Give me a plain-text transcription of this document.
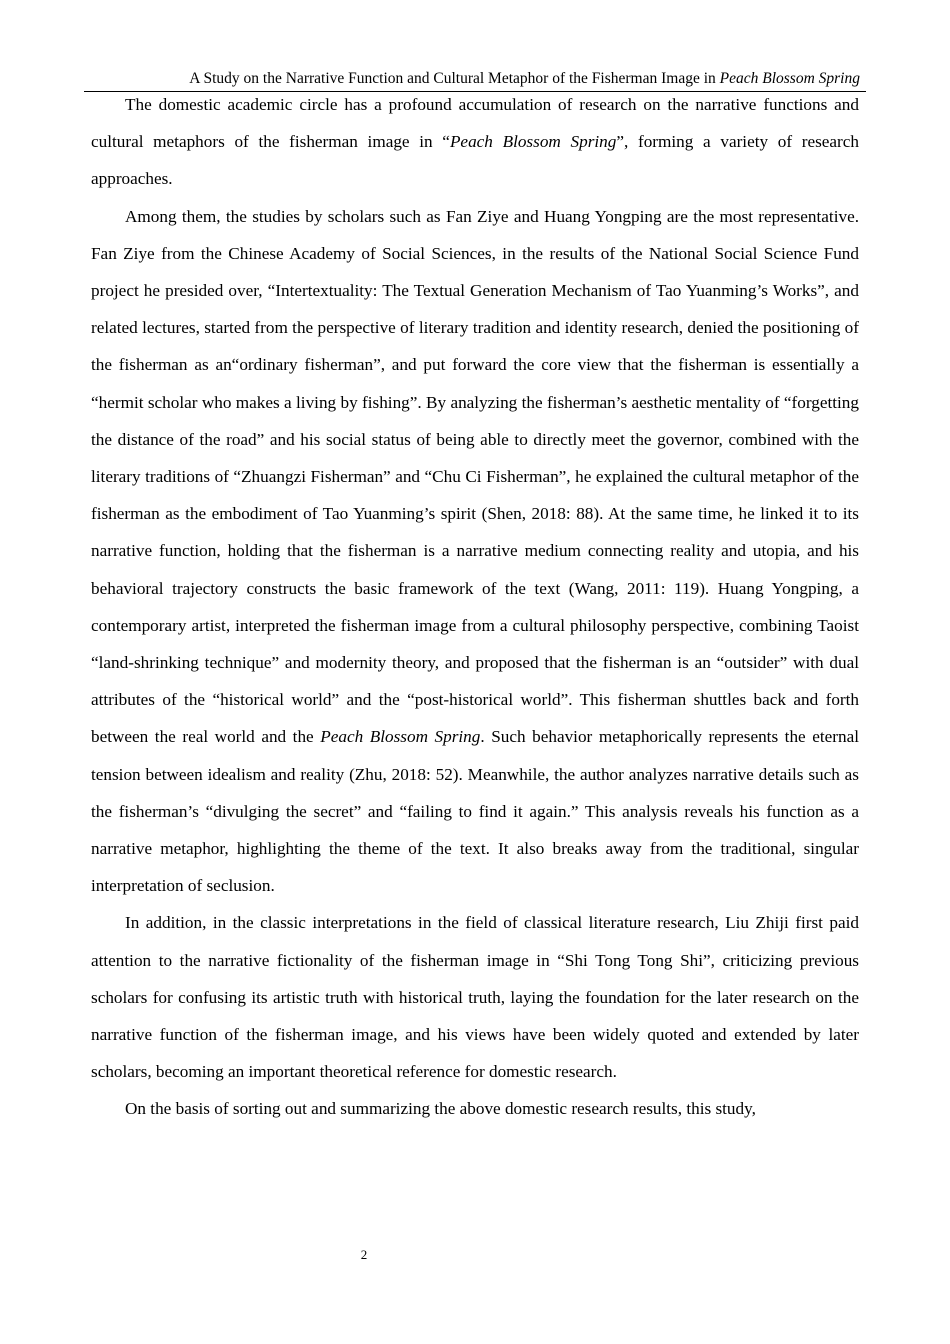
A Study on the Narrative Function and Cultural Metaphor of the Fisherman Image in Peach Blossom Spring

The domestic academic circle has a profound accumulation of research on the narrative functions and cultural metaphors of the fisherman image in “Peach Blossom Spring”, forming a variety of research approaches.

Among them, the studies by scholars such as Fan Ziye and Huang Yongping are the most representative. Fan Ziye from the Chinese Academy of Social Sciences, in the results of the National Social Science Fund project he presided over, “Intertextuality: The Textual Generation Mechanism of Tao Yuanming’s Works”, and related lectures, started from the perspective of literary tradition and identity research, denied the positioning of the fisherman as an“ordinary fisherman”, and put forward the core view that the fisherman is essentially a “hermit scholar who makes a living by fishing”. By analyzing the fisherman’s aesthetic mentality of “forgetting the distance of the road” and his social status of being able to directly meet the governor, combined with the literary traditions of “Zhuangzi Fisherman” and “Chu Ci Fisherman”, he explained the cultural metaphor of the fisherman as the embodiment of Tao Yuanming’s spirit (Shen, 2018: 88). At the same time, he linked it to its narrative function, holding that the fisherman is a narrative medium connecting reality and utopia, and his behavioral trajectory constructs the basic framework of the text (Wang, 2011: 119). Huang Yongping, a contemporary artist, interpreted the fisherman image from a cultural philosophy perspective, combining Taoist “land-shrinking technique” and modernity theory, and proposed that the fisherman is an “outsider” with dual attributes of the “historical world” and the “post-historical world”. This fisherman shuttles back and forth between the real world and the Peach Blossom Spring. Such behavior metaphorically represents the eternal tension between idealism and reality (Zhu, 2018: 52). Meanwhile, the author analyzes narrative details such as the fisherman’s “divulging the secret” and “failing to find it again.” This analysis reveals his function as a narrative metaphor, highlighting the theme of the text. It also breaks away from the traditional, singular interpretation of seclusion.

In addition, in the classic interpretations in the field of classical literature research, Liu Zhiji first paid attention to the narrative fictionality of the fisherman image in “Shi Tong Tong Shi”, criticizing previous scholars for confusing its artistic truth with historical truth, laying the foundation for the later research on the narrative function of the fisherman image, and his views have been widely quoted and extended by later scholars, becoming an important theoretical reference for domestic research.

On the basis of sorting out and summarizing the above domestic research results, this study,

2
